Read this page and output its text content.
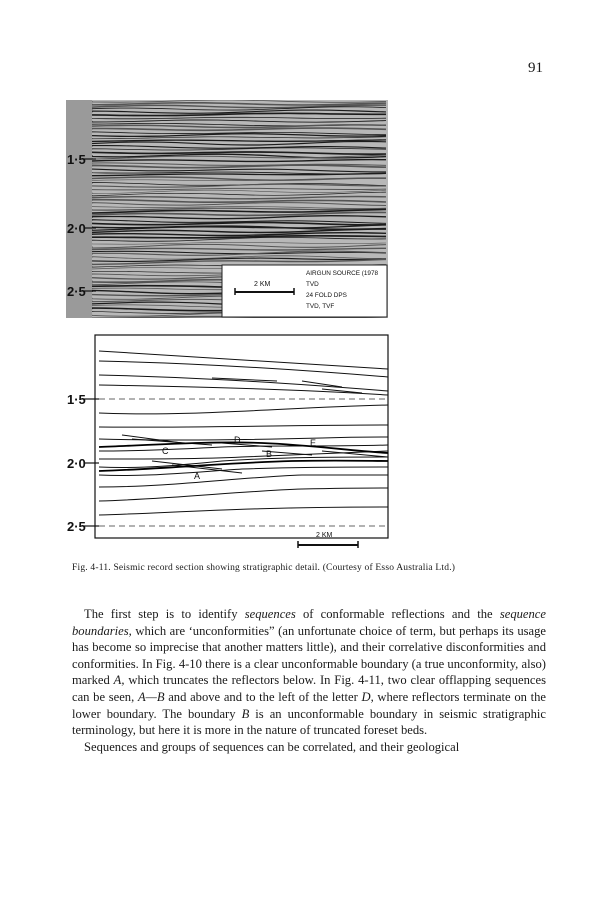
91
1·5
2·0
2·5	2 KM
AIRGUN SOURCE (1978
TVD
24 FOLD DPS
TVD, TVF
1·5
2·0
2·5
D	E
C	B
A
2 KM
Fig. 4-11. Seismic record section showing stratigraphic detail. (Courtesy of Esso Australia Ltd.)

The first step is to identify sequences of conformable reflections and the sequence boundaries, which are ‘unconformities” (an unfortunate choice of term, but perhaps its usage has become so imprecise that another matters little), and their correlative disconformities and conformities. In Fig. 4-10 there is a clear unconformable boundary (a true unconformity, also) marked A, which truncates the reflectors below. In Fig. 4-11, two clear offlapping sequences can be seen, A—B and above and to the left of the letter D, where reflectors terminate on the lower boundary. The boundary B is an unconformable boundary in seismic stratigraphic terminology, but here it is more in the nature of truncated foreset beds.

Sequences and groups of sequences can be correlated, and their geological
